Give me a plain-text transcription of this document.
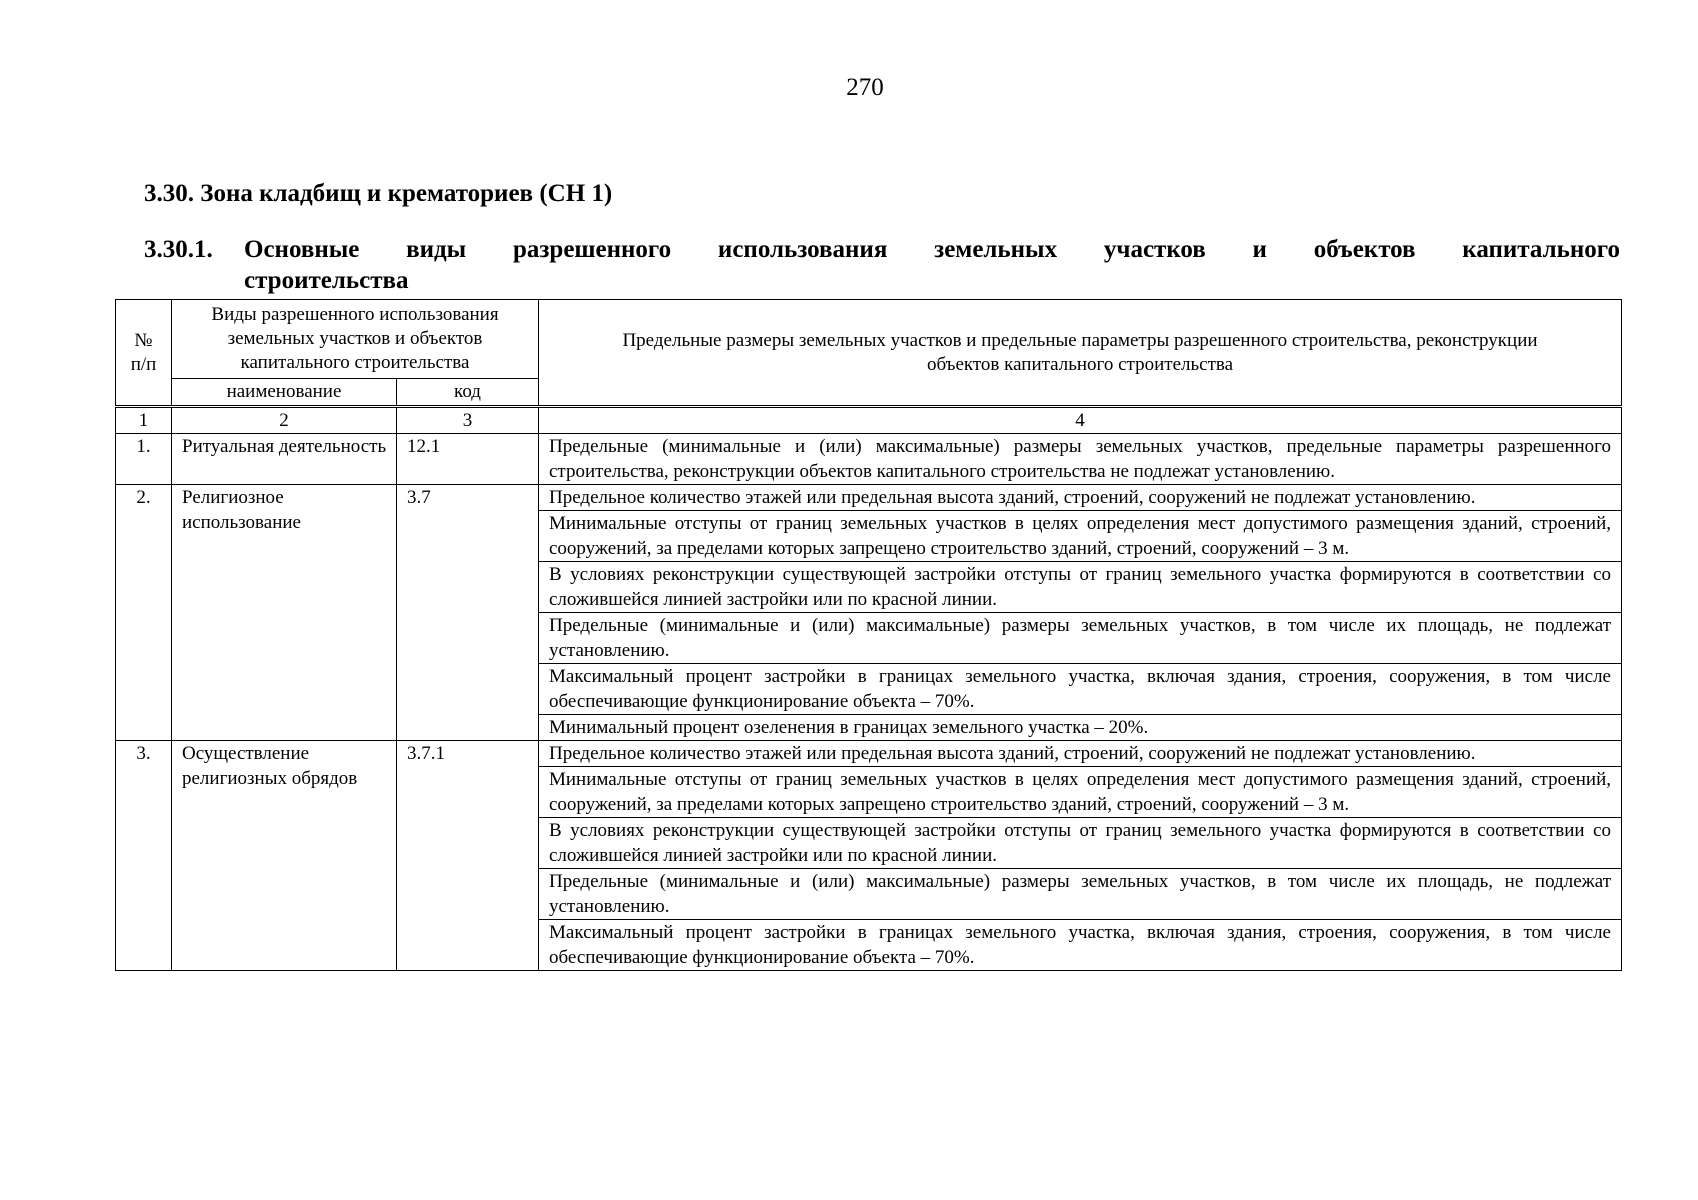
270
3.30. Зона кладбищ и крематориев (СН 1)
3.30.1. Основные виды разрешенного использования земельных участков и объектов капитального
строительства
№ п/п	Виды разрешенного использования земельных участков и объектов капитального строительства		Предельные размеры земельных участков и предельные параметры разрешенного строительства, реконструкции объектов капитального строительства
	наименование	код	
1	2	3	4
1.	Ритуальная деятельность	12.1	Предельные (минимальные и (или) максимальные) размеры земельных участков, предельные параметры разрешенного строительства, реконструкции объектов капитального строительства не подлежат установлению.
2.	Религиозное использование	3.7	Предельное количество этажей или предельная высота зданий, строений, сооружений не подлежат установлению.
			Минимальные отступы от границ земельных участков в целях определения мест допустимого размещения зданий, строений, сооружений, за пределами которых запрещено строительство зданий, строений, сооружений – 3 м.
			В условиях реконструкции существующей застройки отступы от границ земельного участка формируются в соответствии со сложившейся линией застройки или по красной линии.
			Предельные (минимальные и (или) максимальные) размеры земельных участков, в том числе их площадь, не подлежат установлению.
			Максимальный процент застройки в границах земельного участка, включая здания, строения, сооружения, в том числе обеспечивающие функционирование объекта – 70%.
			Минимальный процент озеленения в границах земельного участка – 20%.
3.	Осуществление религиозных обрядов	3.7.1	Предельное количество этажей или предельная высота зданий, строений, сооружений не подлежат установлению.
			Минимальные отступы от границ земельных участков в целях определения мест допустимого размещения зданий, строений, сооружений, за пределами которых запрещено строительство зданий, строений, сооружений – 3 м.
			В условиях реконструкции существующей застройки отступы от границ земельного участка формируются в соответствии со сложившейся линией застройки или по красной линии.
			Предельные (минимальные и (или) максимальные) размеры земельных участков, в том числе их площадь, не подлежат установлению.
			Максимальный процент застройки в границах земельного участка, включая здания, строения, сооружения, в том числе обеспечивающие функционирование объекта – 70%.
